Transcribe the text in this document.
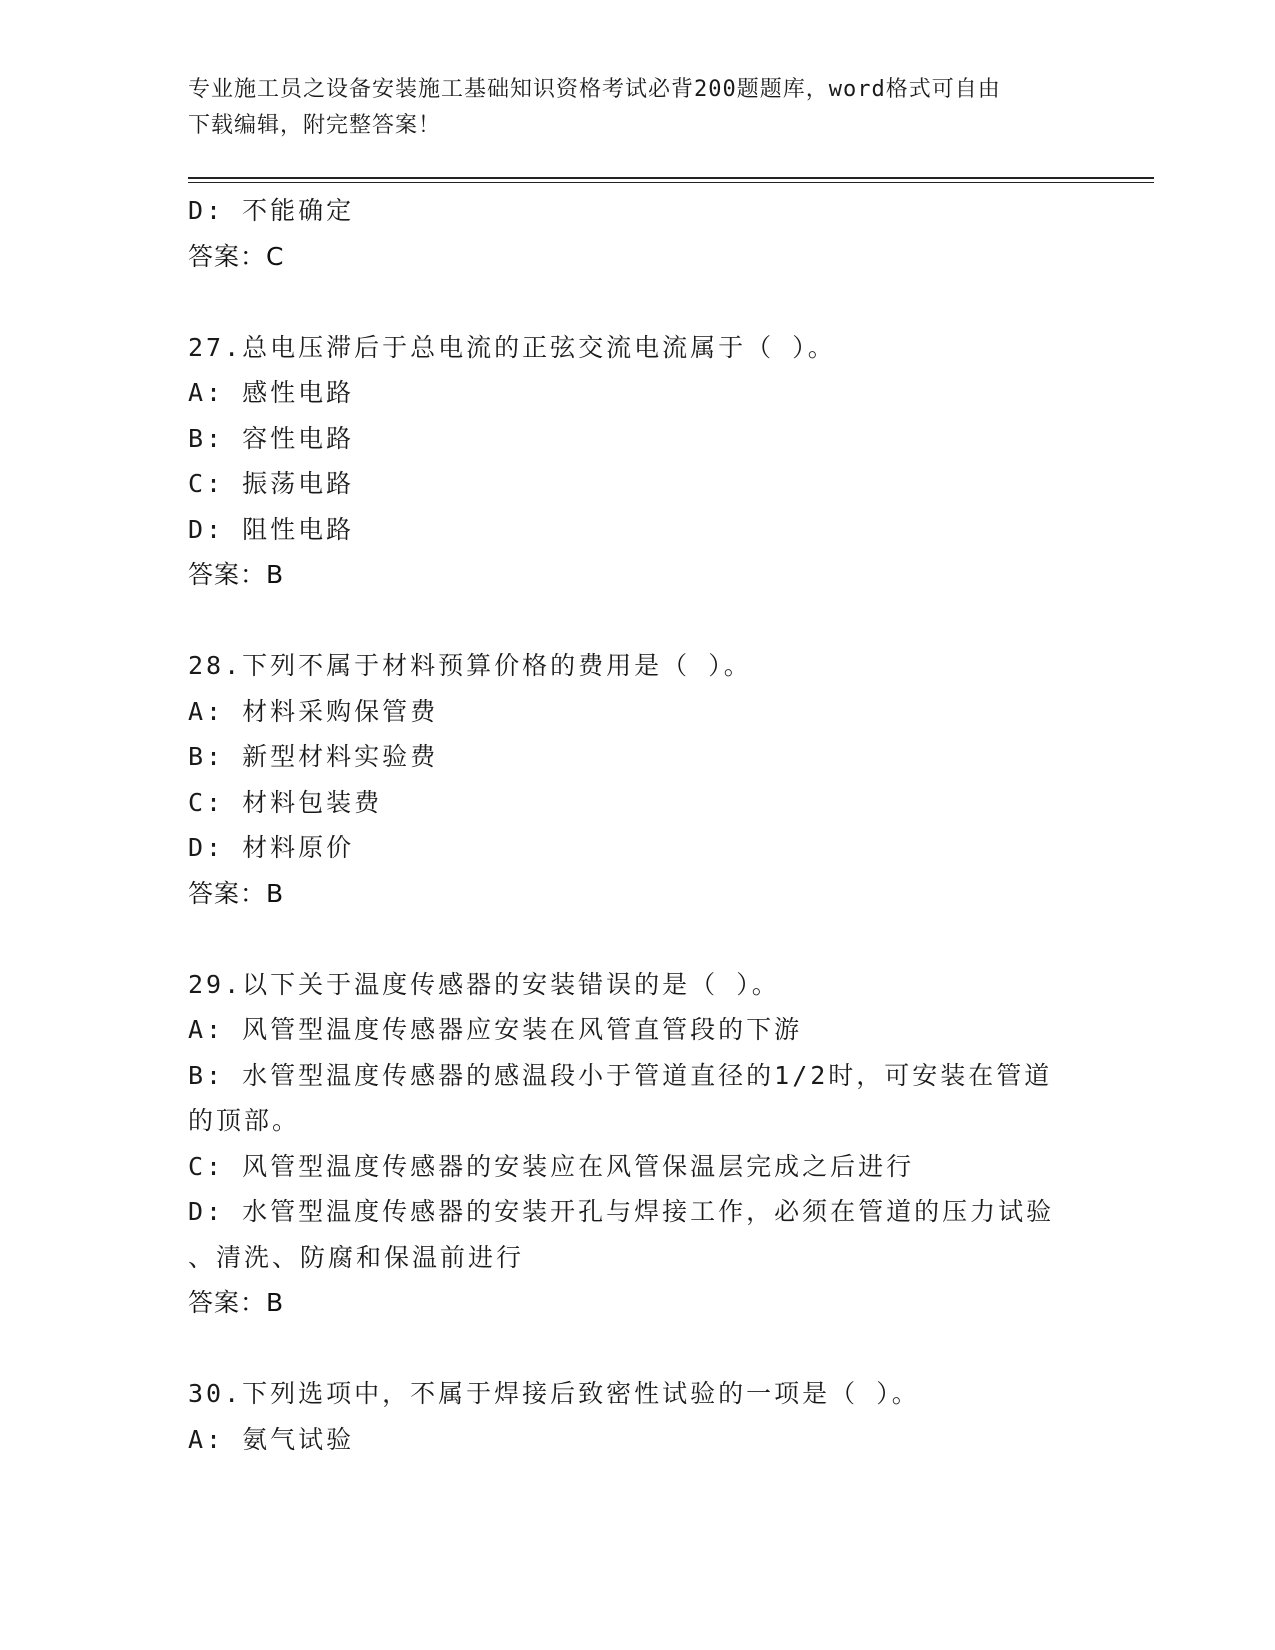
专业施工员之设备安装施工基础知识资格考试必背200题题库，word格式可自由
下载编辑，附完整答案！
D: 不能确定
答案：C
27.总电压滞后于总电流的正弦交流电流属于（ ）。
A: 感性电路
B: 容性电路
C: 振荡电路
D: 阻性电路
答案：B
28.下列不属于材料预算价格的费用是（ ）。
A: 材料采购保管费
B: 新型材料实验费
C: 材料包装费
D: 材料原价
答案：B
29.以下关于温度传感器的安装错误的是（ ）。
A: 风管型温度传感器应安装在风管直管段的下游
B: 水管型温度传感器的感温段小于管道直径的1/2时，可安装在管道
的顶部。
C: 风管型温度传感器的安装应在风管保温层完成之后进行
D: 水管型温度传感器的安装开孔与焊接工作，必须在管道的压力试验
、清洗、防腐和保温前进行
答案：B
30.下列选项中，不属于焊接后致密性试验的一项是（ ）。
A: 氨气试验
